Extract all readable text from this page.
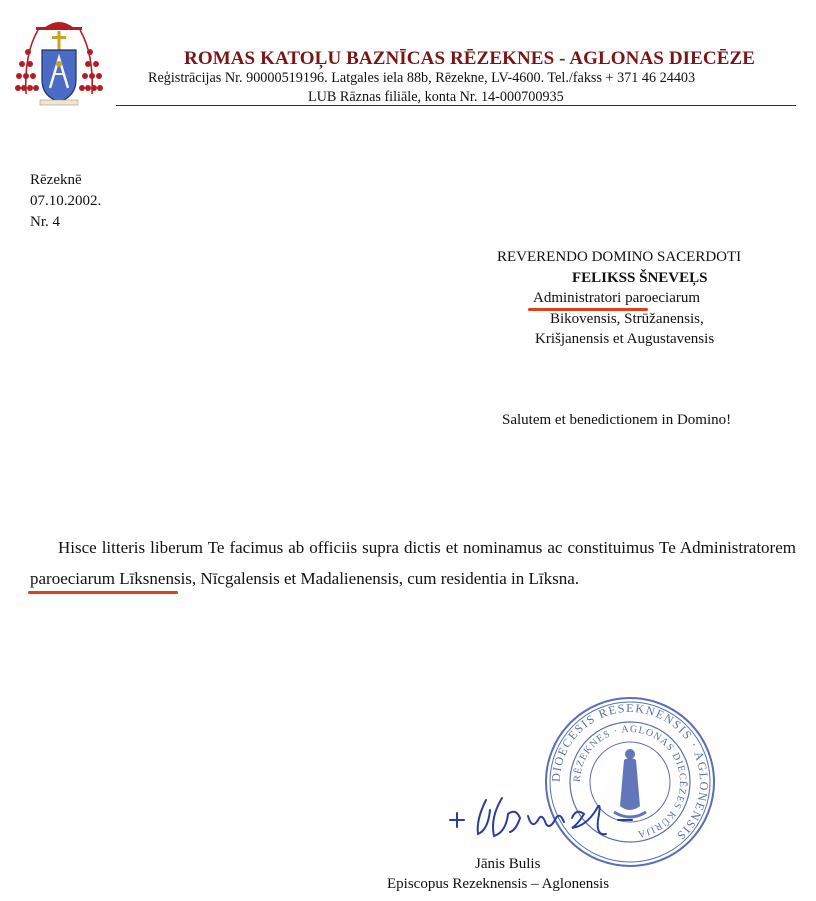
ROMAS KATOĻU BAZNĪCAS RĒZEKNES - AGLONAS DIECĒZE
Reģistrācijas Nr. 90000519196. Latgales iela 88b, Rēzekne, LV-4600. Tel./fakss + 371 46 24403
LUB Rāznas filiāle, konta Nr. 14-000700935
Rēzeknē
07.10.2002.
Nr. 4
REVERENDO DOMINO SACERDOTI
FELIKSS ŠNEVEĻS
Administratori paroeciarum
Bikovensis, Strūžanensis,
Krišjanensis et Augustavensis
Salutem et benedictionem in Domino!
Hisce litteris liberum Te facimus ab officiis supra dictis et nominamus ac constituimus Te Administratorem paroeciarum Līksnensis, Nīcgalensis et Madalienensis, cum residentia in Līksna.
DIOECESIS RESEKNENSIS · AGLONENSIS
RĒZEKNES · AGLONAS DIECĒZES KŪRIJA
Jānis Bulis
Episcopus Rezeknensis – Aglonensis
